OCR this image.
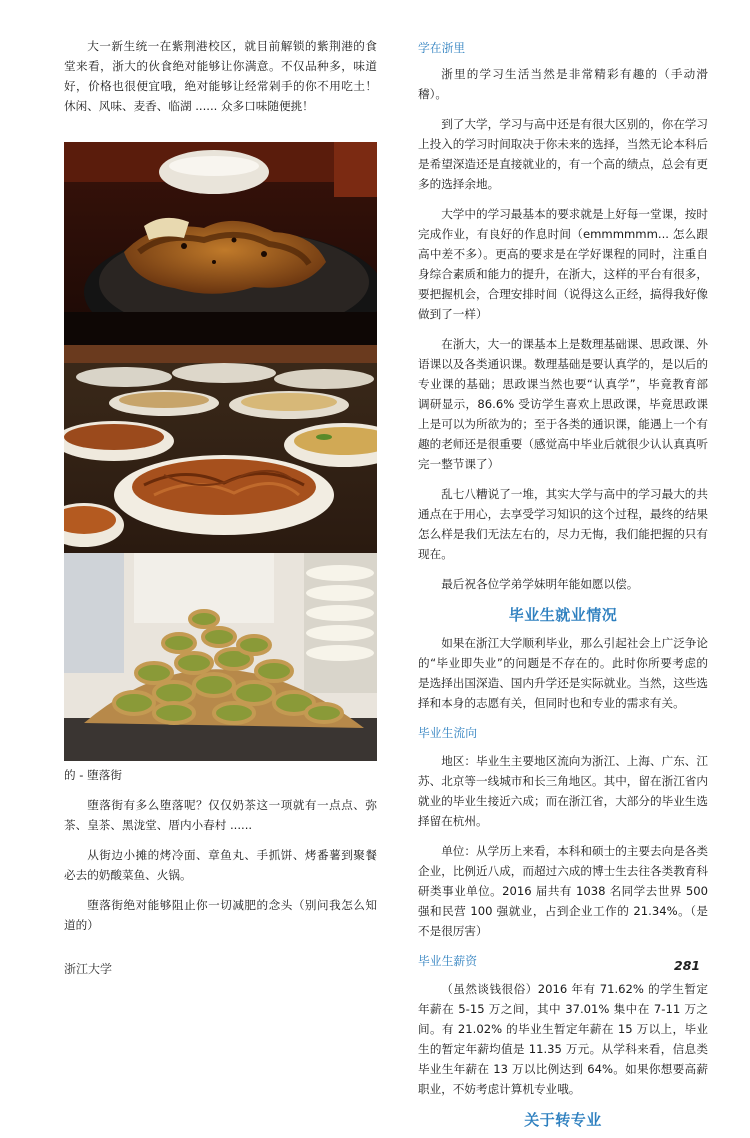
大一新生统一在紫荆港校区，就目前解锁的紫荆港的食堂来看，浙大的伙食绝对能够让你满意。不仅品种多，味道好，价格也很便宜哦，绝对能够让经常剁手的你不用吃土！休闲、风味、麦香、临湖 ...... 众多口味随便挑！

的 - 堕落街

堕落街有多么堕落呢？仅仅奶茶这一项就有一点点、弥茶、皇茶、黑泷堂、厝内小春村 ......

从街边小摊的烤冷面、章鱼丸、手抓饼、烤番薯到聚餐必去的奶酸菜鱼、火锅。

堕落街绝对能够阻止你一切减肥的念头（别问我怎么知道的）

学在浙里

浙里的学习生活当然是非常精彩有趣的（手动滑稽）。

到了大学，学习与高中还是有很大区别的，你在学习上投入的学习时间取决于你未来的选择，当然无论本科后是希望深造还是直接就业的，有一个高的绩点，总会有更多的选择余地。

大学中的学习最基本的要求就是上好每一堂课，按时完成作业，有良好的作息时间（emmmmmm... 怎么跟高中差不多）。更高的要求是在学好课程的同时，注重自身综合素质和能力的提升，在浙大，这样的平台有很多，要把握机会，合理安排时间（说得这么正经，搞得我好像做到了一样）

在浙大，大一的课基本上是数理基础课、思政课、外语课以及各类通识课。数理基础是要认真学的，是以后的专业课的基础；思政课当然也要“认真学”，毕竟教育部调研显示，86.6% 受访学生喜欢上思政课，毕竟思政课上是可以为所欲为的；至于各类的通识课，能遇上一个有趣的老师还是很重要（感觉高中毕业后就很少认认真真听完一整节课了）

乱七八糟说了一堆，其实大学与高中的学习最大的共通点在于用心，去享受学习知识的这个过程，最终的结果怎么样是我们无法左右的，尽力无悔，我们能把握的只有现在。

最后祝各位学弟学妹明年能如愿以偿。

毕业生就业情况

如果在浙江大学顺利毕业，那么引起社会上广泛争论的“毕业即失业”的问题是不存在的。此时你所要考虑的是选择出国深造、国内升学还是实际就业。当然，这些选择和本身的志愿有关，但同时也和专业的需求有关。

毕业生流向

地区：毕业生主要地区流向为浙江、上海、广东、江苏、北京等一线城市和长三角地区。其中，留在浙江省内就业的毕业生接近六成；而在浙江省，大部分的毕业生选择留在杭州。

单位：从学历上来看，本科和硕士的主要去向是各类企业，比例近八成，而超过六成的博士生去往各类教育科研类事业单位。2016 届共有 1038 名同学去世界 500 强和民营 100 强就业，占到企业工作的 21.34%。（是不是很厉害）

毕业生薪资

（虽然谈钱很俗）2016 年有 71.62% 的学生暂定年薪在 5-15 万之间，其中 37.01% 集中在 7-11 万之间。有 21.02% 的毕业生暂定年薪在 15 万以上，毕业生的暂定年薪均值是 11.35 万元。从学科来看，信息类毕业生年薪在 13 万以比例达到 64%。如果你想要高薪职业，不妨考虑计算机专业哦。

关于转专业
浙江大学	281
